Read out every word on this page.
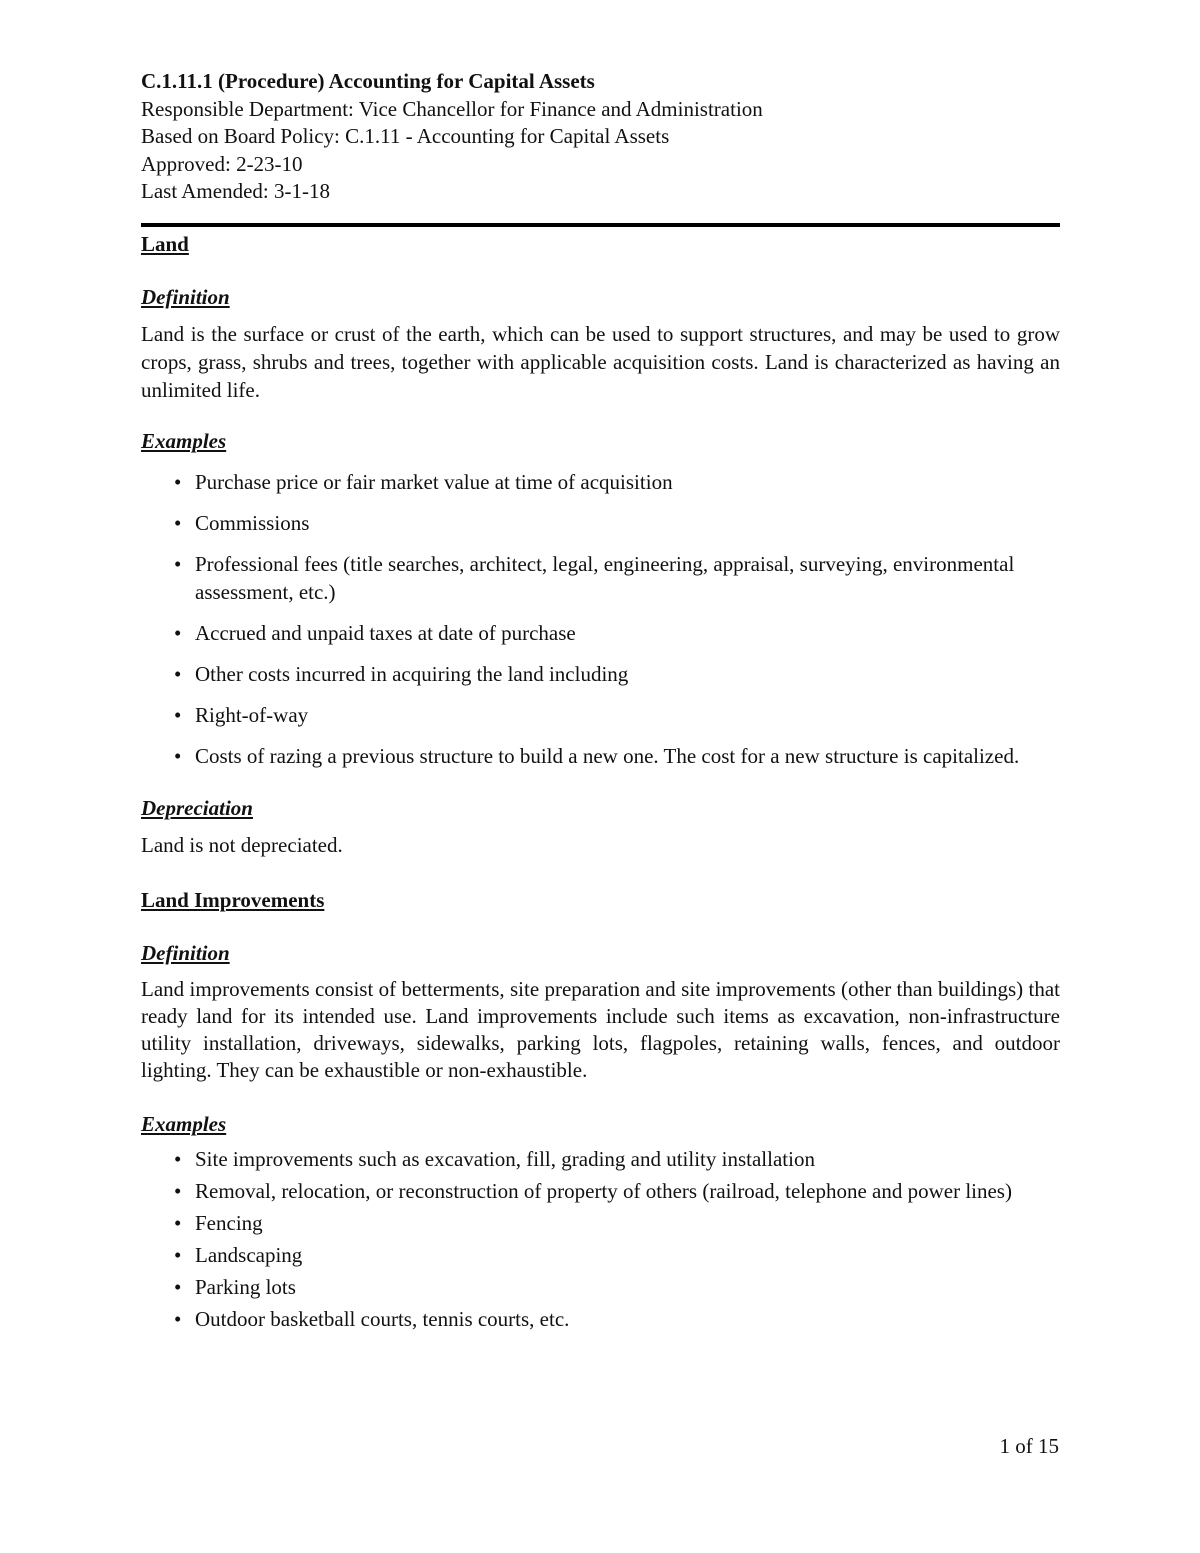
C.1.11.1 (Procedure) Accounting for Capital Assets
Responsible Department: Vice Chancellor for Finance and Administration
Based on Board Policy: C.1.11 - Accounting for Capital Assets
Approved: 2-23-10
Last Amended: 3-1-18
Land
Definition
Land is the surface or crust of the earth, which can be used to support structures, and may be used to grow crops, grass, shrubs and trees, together with applicable acquisition costs. Land is characterized as having an unlimited life.
Examples
• Purchase price or fair market value at time of acquisition
• Commissions
• Professional fees (title searches, architect, legal, engineering, appraisal, surveying, environmental assessment, etc.)
• Accrued and unpaid taxes at date of purchase
• Other costs incurred in acquiring the land including
• Right-of-way
• Costs of razing a previous structure to build a new one. The cost for a new structure is capitalized.
Depreciation
Land is not depreciated.
Land Improvements
Definition
Land improvements consist of betterments, site preparation and site improvements (other than buildings) that ready land for its intended use. Land improvements include such items as excavation, non-infrastructure utility installation, driveways, sidewalks, parking lots, flagpoles, retaining walls, fences, and outdoor lighting. They can be exhaustible or non-exhaustible.
Examples
• Site improvements such as excavation, fill, grading and utility installation
• Removal, relocation, or reconstruction of property of others (railroad, telephone and power lines)
• Fencing
• Landscaping
• Parking lots
• Outdoor basketball courts, tennis courts, etc.
1 of 15
